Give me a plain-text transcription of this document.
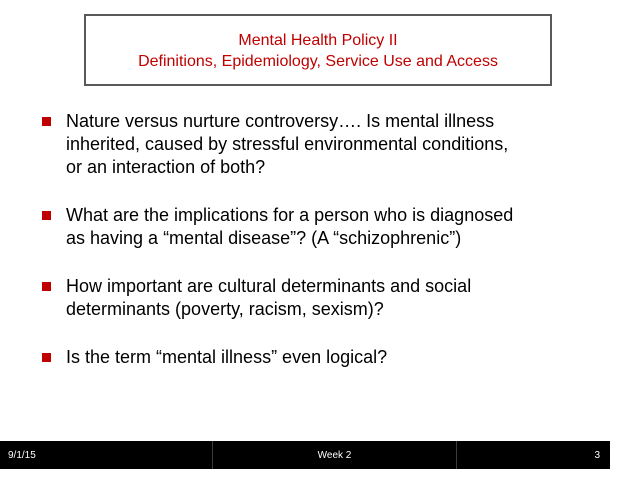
Mental Health Policy II
Definitions, Epidemiology, Service Use and Access
Nature versus nurture controversy…. Is mental illness
inherited, caused by stressful environmental conditions,
or an interaction of both?
What are the implications for a person who is diagnosed
as having a “mental disease”? (A “schizophrenic”)
How important are cultural determinants and social
determinants (poverty, racism, sexism)?
Is the term “mental illness” even logical?
9/1/15	Week 2	3
